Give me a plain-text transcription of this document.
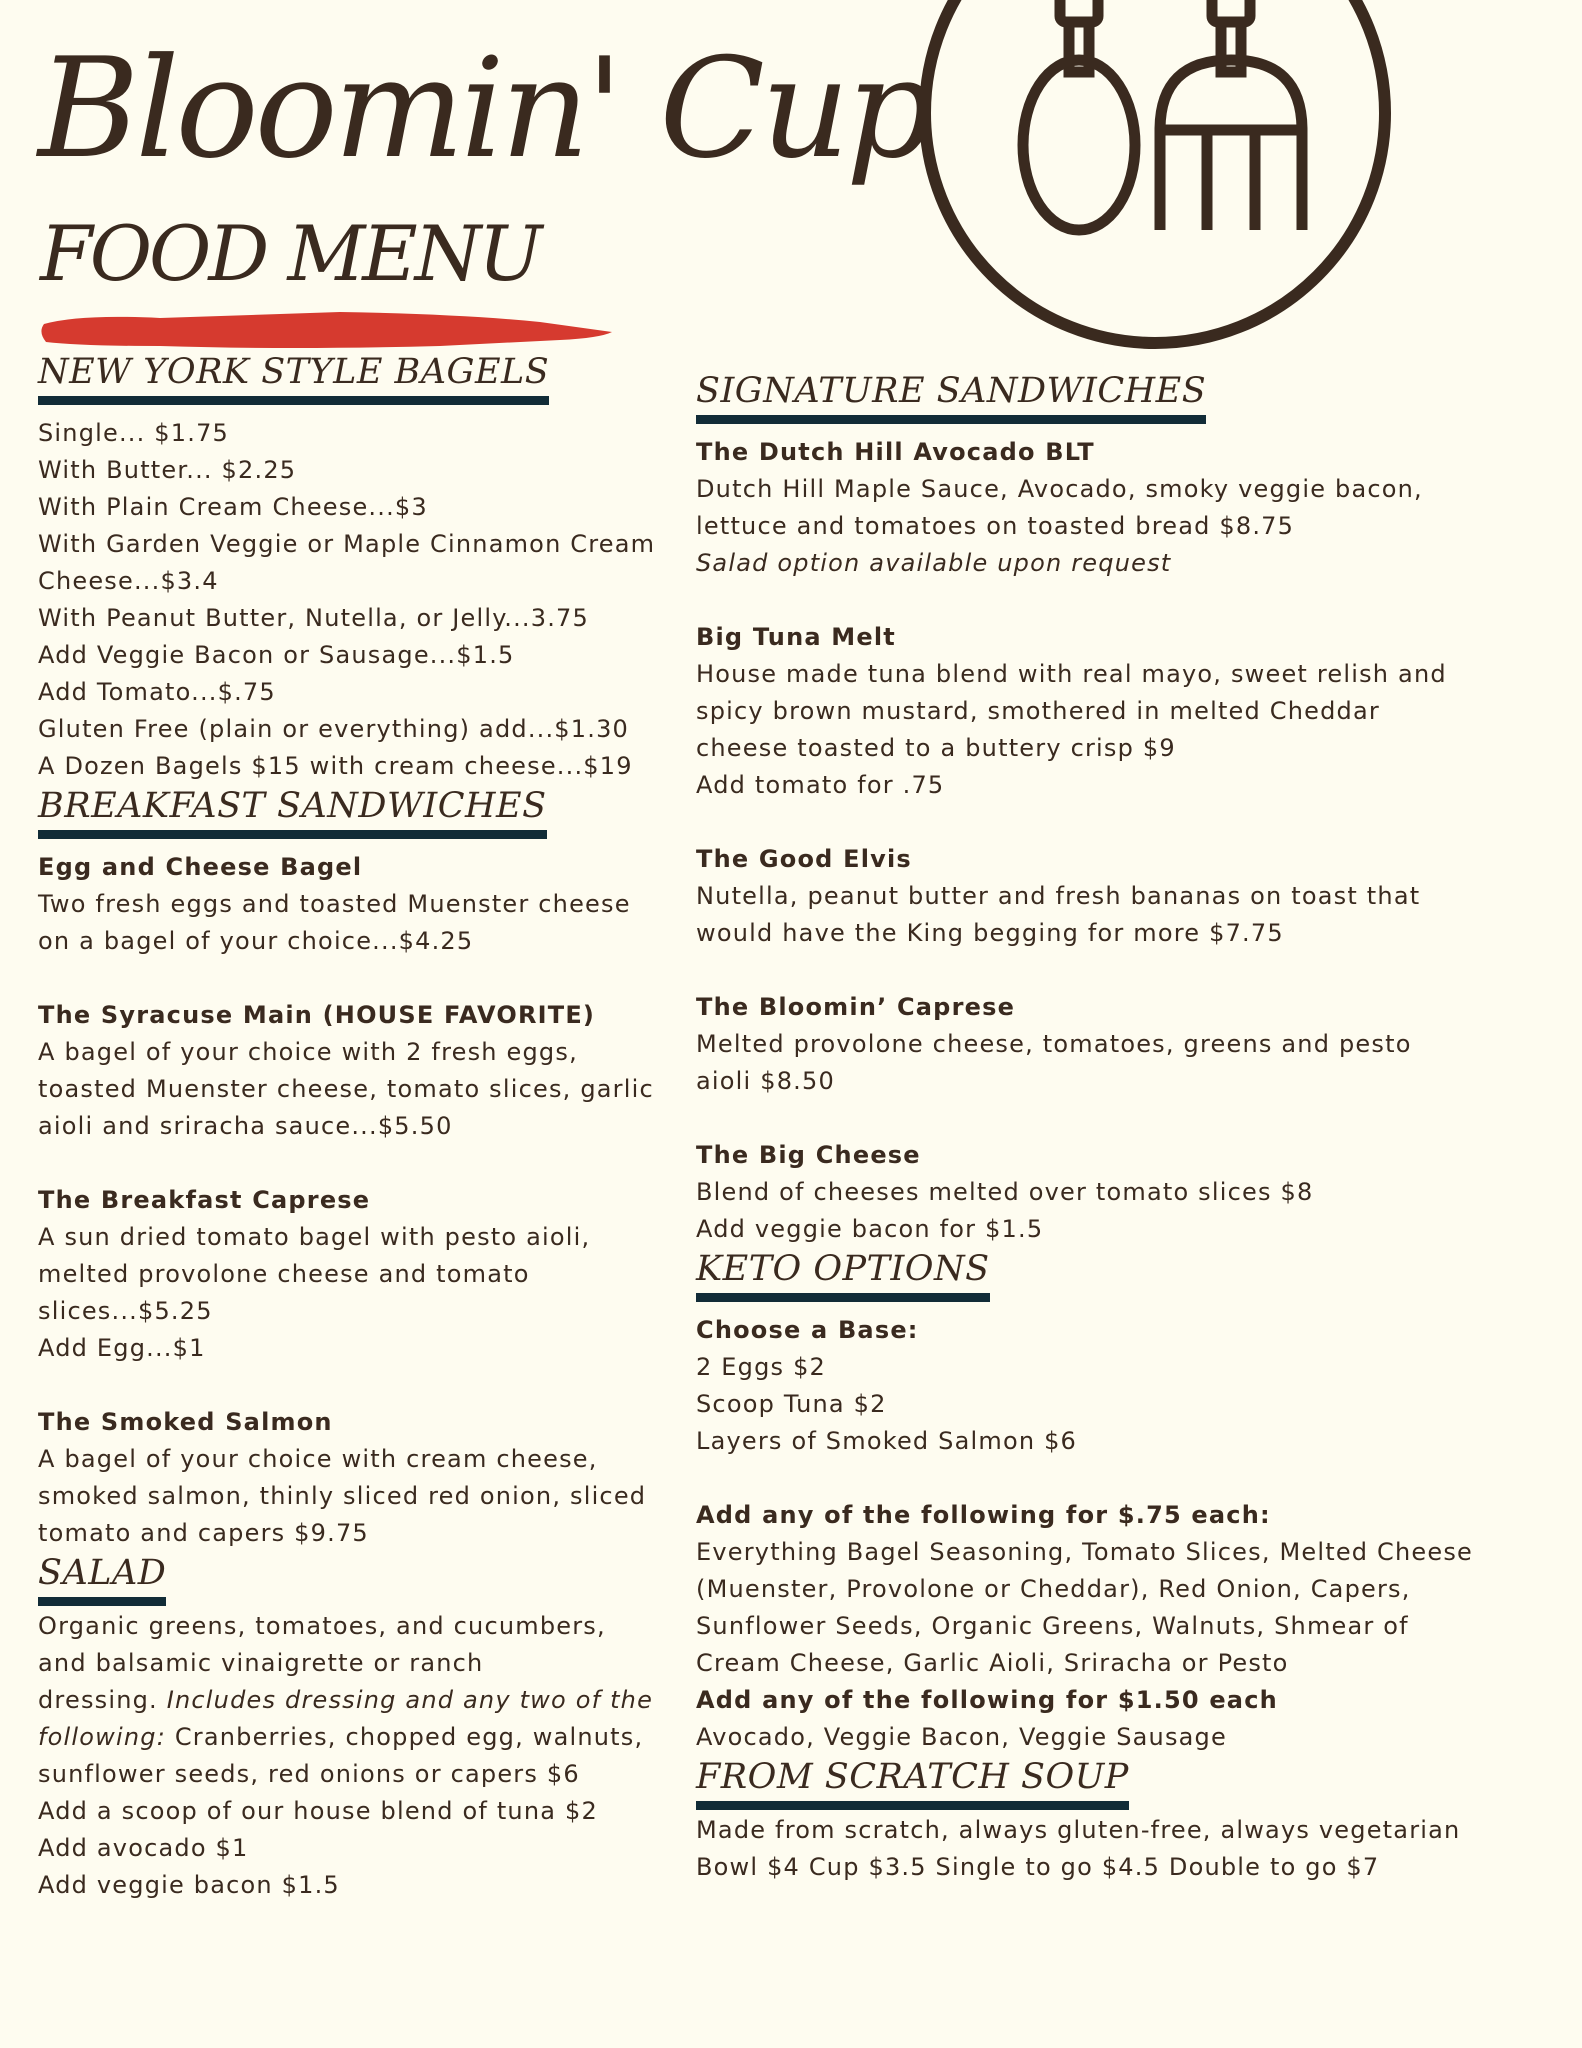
Bloomin' Cup
FOOD MENU
NEW YORK STYLE BAGELS
Single... $1.75
With Butter... $2.25
With Plain Cream Cheese...$3
With Garden Veggie or Maple Cinnamon Cream
Cheese...$3.4
With Peanut Butter, Nutella, or Jelly...3.75
Add Veggie Bacon or Sausage...$1.5
Add Tomato...$.75
Gluten Free (plain or everything) add...$1.30
A Dozen Bagels $15 with cream cheese...$19
BREAKFAST SANDWICHES
Egg and Cheese Bagel
Two fresh eggs and toasted Muenster cheese
on a bagel of your choice...$4.25
The Syracuse Main (HOUSE FAVORITE)
A bagel of your choice with 2 fresh eggs,
toasted Muenster cheese, tomato slices, garlic
aioli and sriracha sauce...$5.50
The Breakfast Caprese
A sun dried tomato bagel with pesto aioli,
melted provolone cheese and tomato
slices...$5.25
Add Egg...$1
The Smoked Salmon
A bagel of your choice with cream cheese,
smoked salmon, thinly sliced red onion, sliced
tomato and capers $9.75
SALAD
Organic greens, tomatoes, and cucumbers,
and balsamic vinaigrette or ranch
dressing. Includes dressing and any two of the
following: Cranberries, chopped egg, walnuts,
sunflower seeds, red onions or capers $6
Add a scoop of our house blend of tuna $2
Add avocado $1
Add veggie bacon $1.5
SIGNATURE SANDWICHES
The Dutch Hill Avocado BLT
Dutch Hill Maple Sauce, Avocado, smoky veggie bacon,
lettuce and tomatoes on toasted bread $8.75
Salad option available upon request
Big Tuna Melt
House made tuna blend with real mayo, sweet relish and
spicy brown mustard, smothered in melted Cheddar
cheese toasted to a buttery crisp $9
Add tomato for .75
The Good Elvis
Nutella, peanut butter and fresh bananas on toast that
would have the King begging for more $7.75
The Bloomin’ Caprese
Melted provolone cheese, tomatoes, greens and pesto
aioli $8.50
The Big Cheese
Blend of cheeses melted over tomato slices $8
Add veggie bacon for $1.5
KETO OPTIONS
Choose a Base:
2 Eggs $2
Scoop Tuna $2
Layers of Smoked Salmon $6
Add any of the following for $.75 each:
Everything Bagel Seasoning, Tomato Slices, Melted Cheese
(Muenster, Provolone or Cheddar), Red Onion, Capers,
Sunflower Seeds, Organic Greens, Walnuts, Shmear of
Cream Cheese, Garlic Aioli, Sriracha or Pesto
Add any of the following for $1.50 each
Avocado, Veggie Bacon, Veggie Sausage
FROM SCRATCH SOUP
Made from scratch, always gluten-free, always vegetarian
Bowl $4 Cup $3.5 Single to go $4.5 Double to go $7
